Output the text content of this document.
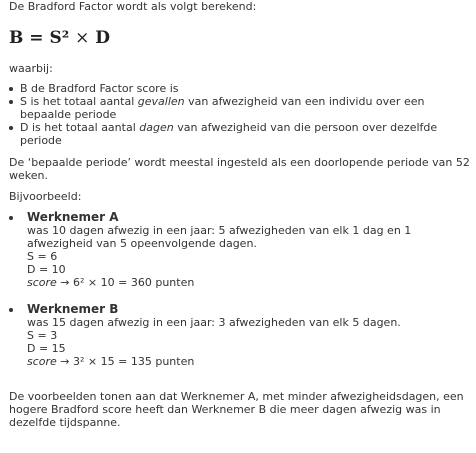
De Bradford Factor wordt als volgt berekend:

B = S² × D

waarbij:

B de Bradford Factor score is
S is het totaal aantal gevallen van afwezigheid van een individu over een bepaalde periode
D is het totaal aantal dagen van afwezigheid van die persoon over dezelfde periode

De ‘bepaalde periode’ wordt meestal ingesteld als een doorlopende periode van 52 weken.

Bijvoorbeeld:

Werknemer A
was 10 dagen afwezig in een jaar: 5 afwezigheden van elk 1 dag en 1 afwezigheid van 5 opeenvolgende dagen.
S = 6
D = 10
score → 6² × 10 = 360 punten
Werknemer B
was 15 dagen afwezig in een jaar: 3 afwezigheden van elk 5 dagen.
S = 3
D = 15
score → 3² × 15 = 135 punten

De voorbeelden tonen aan dat Werknemer A, met minder afwezigheidsdagen, een hogere Bradford score heeft dan Werknemer B die meer dagen afwezig was in dezelfde tijdspanne.
